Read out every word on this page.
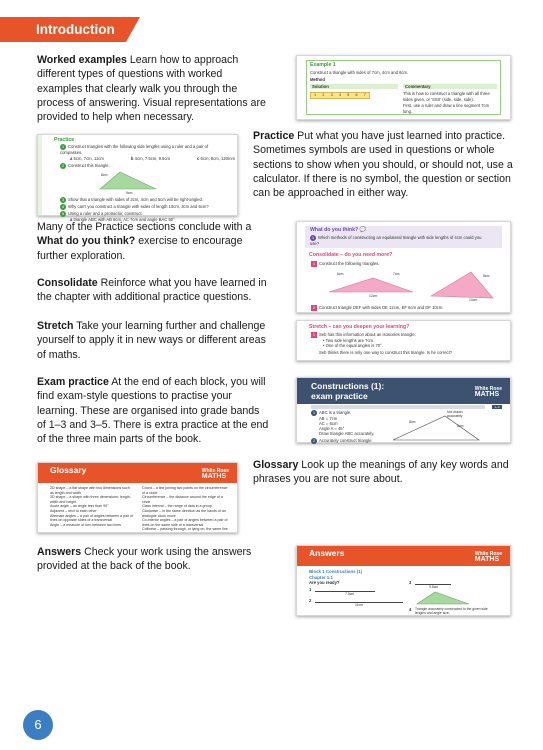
Introduction
Worked examples Learn how to approach different types of questions with worked examples that clearly walk you through the process of answering. Visual representations are provided to help when necessary.
Example 1
Construct a triangle with sides of 7cm, 4cm and 6cm.
Method
Solution	Commentary
1 2 3 4 5 6 7	This is how to construct a triangle with all three sides given, or 'SSS' (side, side, side).
First, use a ruler and draw a line segment 7cm long.
Practice
1 Construct triangles with the following side lengths using a ruler and a pair of compasses.
a 5cm, 7cm, 11cm	b 4cm, 7.5cm, 9.5cm	c 6cm, 8cm, 120mm
2 Construct this triangle.
8cm
9cm
3 Show that a triangle with sides of 3cm, 4cm and 5cm will be right-angled.
4 Why can't you construct a triangle with sides of length 10cm, 3cm and 6cm?
5 Using a ruler and a protractor, construct:
a triangle ABC with AB 6cm, AC 7cm and angle BAC 50°
Practice Put what you have just learned into practice. Sometimes symbols are used in questions or whole sections to show when you should, or should not, use a calculator. If there is no symbol, the question or section can be approached in either way.
Many of the Practice sections conclude with a What do you think? exercise to encourage further exploration.
What do you think? 💬
1 Which methods of constructing an equilateral triangle with side lengths of 4cm could you use?
Consolidate – do you need more?
1 Construct the following triangles.
6cm	7cm
12cm
8cm
10cm
2 Construct triangle DEF with sides DE 12cm, EF 6cm and DF 10cm.
Consolidate Reinforce what you have learned in the chapter with additional practice questions.
Stretch Take your learning further and challenge yourself to apply it in new ways or different areas of maths.
Stretch – can you deepen your learning?
1 Seb has this information about an isosceles triangle:
• Two side lengths are 7cm.
• One of the equal angles is 70°.
Seb thinks there is only one way to construct this triangle. Is he correct?
Exam practice At the end of each block, you will find exam-style questions to practise your learning. These are organised into grade bands of 1–3 and 3–5. There is extra practice at the end of the three main parts of the book.
Constructions (1):
exam practice
White Rose
MATHS
1–3
1 ABC is a triangle.
AB = 7cm
AC = 6cm
Angle A = 45°
Draw triangle ABC accurately.
Not drawn accurately
8cm
5cm
2 Accurately construct triangle
Glossary	White Rose
MATHS
2D shape – a flat shape with two dimensions such as length and width
3D shape – a shape with three dimensions: length, width and height
Acute angle – an angle less than 90°
Adjacent – next to each other
Alternate angles – a pair of angles between a pair of lines on opposite sides of a transversal
Angle – a measure of turn between two lines
Chord – a line joining two points on the circumference of a circle
Circumference – the distance around the edge of a circle
Class interval – the range of data in a group
Clockwise – in the same direction as the hands of an analogue clock move
Co-interior angles – a pair of angles between a pair of lines on the same side of a transversal
Collinear – passing through, or lying on, the same line
Glossary Look up the meanings of any key words and phrases you are not sure about.
Answers Check your work using the answers provided at the back of the book.
Answers	White Rose
MATHS
Block 1 Constructions (1)
Chapter 1.1
Are you ready?
1
7.5cm
2
11cm
3
9.5cm
4 Triangle accurately constructed to the given side lengths and angle size.
6
